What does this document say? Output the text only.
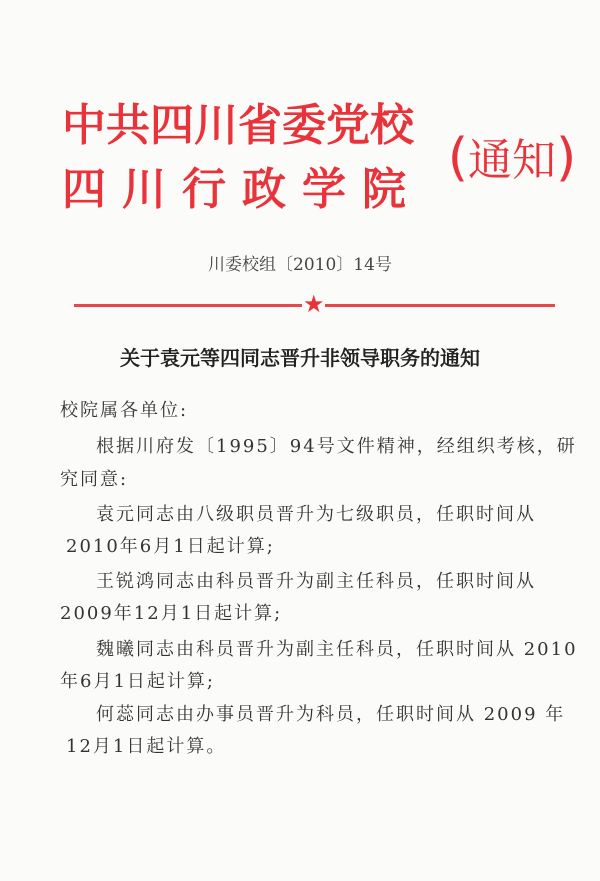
中共四川省委党校
四川行政学院
(通知)
川委校组〔2010〕14号
★
关于袁元等四同志晋升非领导职务的通知
校院属各单位:
根据川府发〔1995〕94号文件精神，经组织考核，研
究同意:
袁元同志由八级职员晋升为七级职员，任职时间从
2010年6月1日起计算;
王锐鸿同志由科员晋升为副主任科员，任职时间从
2009年12月1日起计算;
魏曦同志由科员晋升为副主任科员，任职时间从 2010
年6月1日起计算;
何蕊同志由办事员晋升为科员，任职时间从 2009 年
12月1日起计算。
